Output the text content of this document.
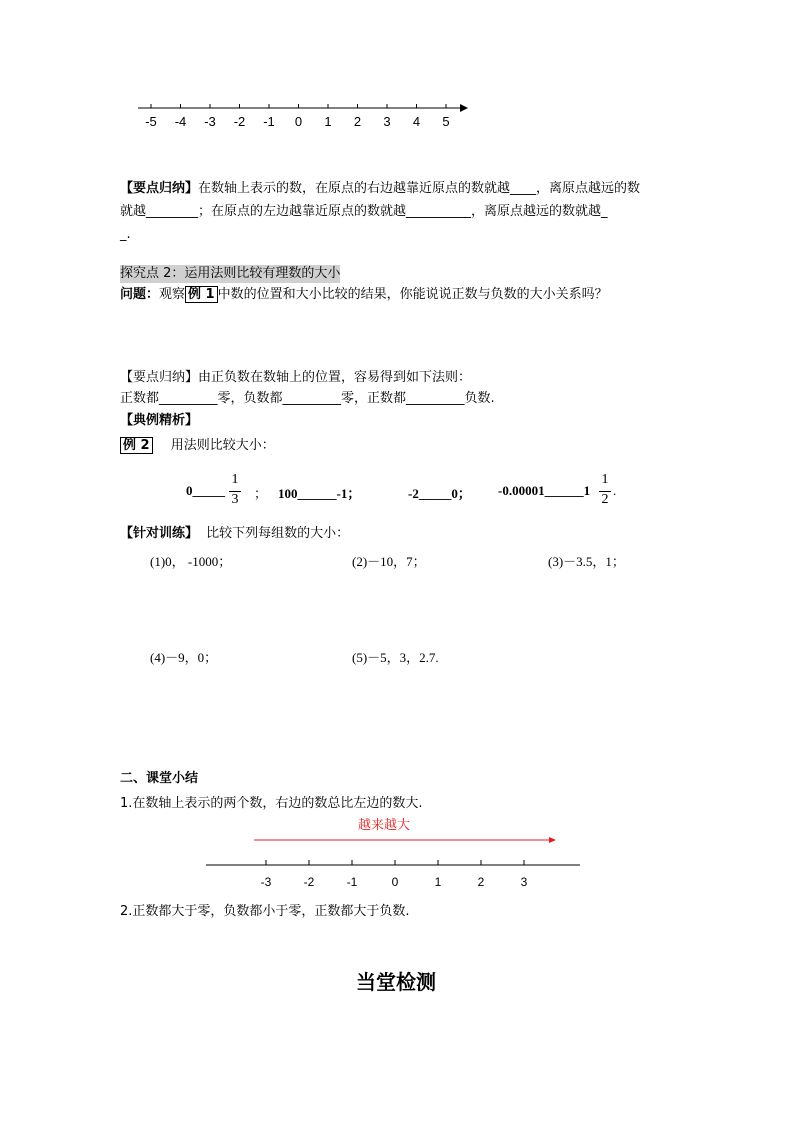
-5 -4 -3 -2 -1 0 1 2 3 4 5
【要点归纳】在数轴上表示的数，在原点的右边越靠近原点的数就越____，离原点越远的数
就越________；在原点的左边越靠近原点的数就越__________，离原点越远的数就越_
_.
探究点 2：运用法则比较有理数的大小
问题：观察 例 1 中数的位置和大小比较的结果，你能说说正数与负数的大小关系吗？
【要点归纳】由正负数在数轴上的位置，容易得到如下法则：
正数都_________零，负数都_________零，正数都_________负数.
【典例精析】
例 2 用法则比较大小：
0_____
1
3 ； 100______-1；	-2_____0； -0.00001______1
1
2
.
【针对训练】 比较下列每组数的大小：
(1)0， -1000；	(2)－10，7；	(3)－3.5，1；
(4)－9，0；	(5)－5，3，2.7.
二、课堂小结
1.在数轴上表示的两个数，右边的数总比左边的数大.
越来越大
-3	-2	-1	0	1	2	3
2.正数都大于零，负数都小于零，正数都大于负数.
当堂检测
